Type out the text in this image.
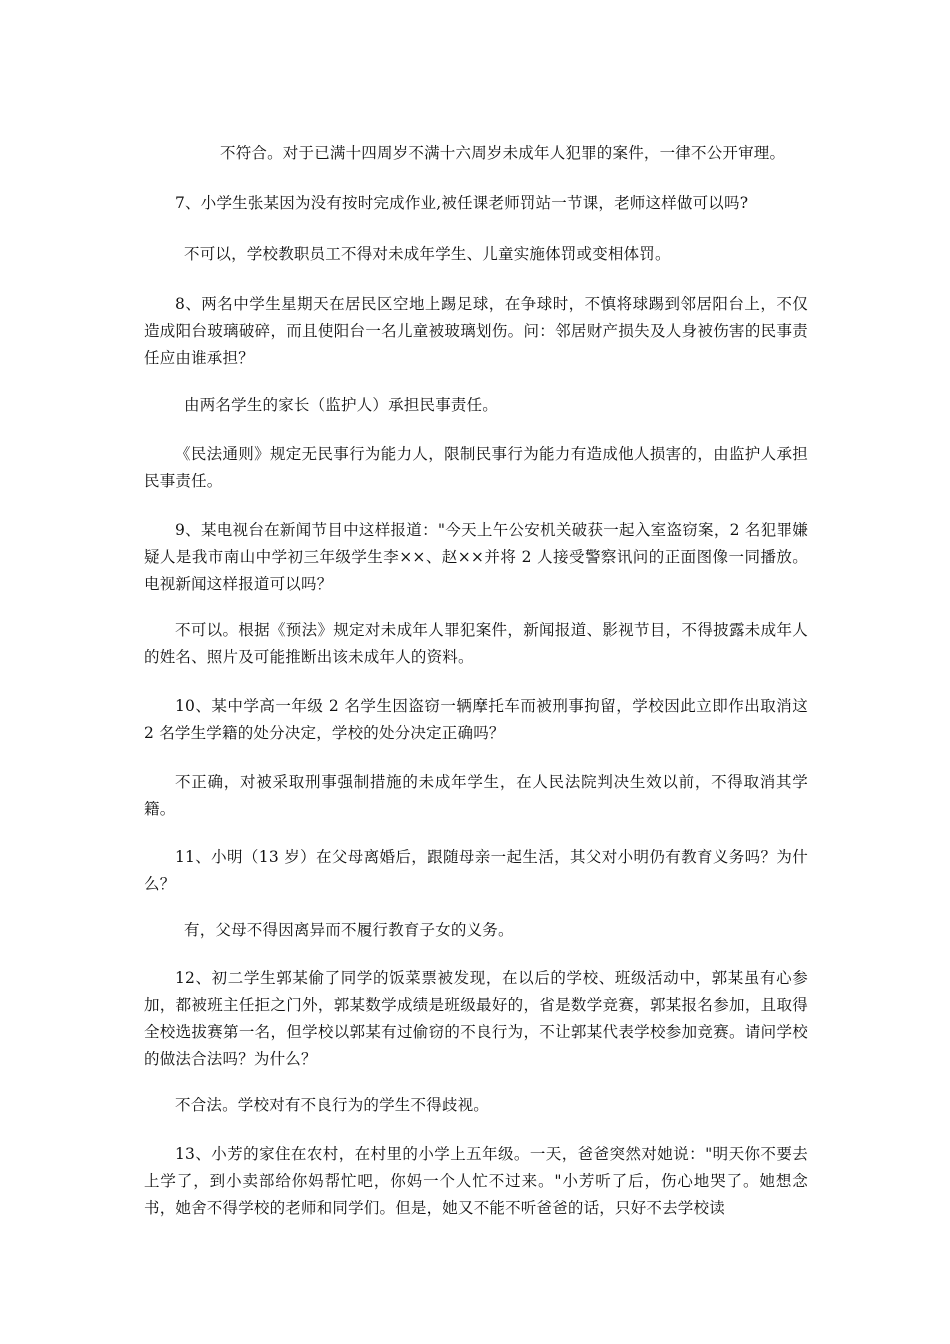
不符合。对于已满十四周岁不满十六周岁未成年人犯罪的案件，一律不公开审理。

7、小学生张某因为没有按时完成作业,被任课老师罚站一节课，老师这样做可以吗?

不可以，学校教职员工不得对未成年学生、儿童实施体罚或变相体罚。

8、两名中学生星期天在居民区空地上踢足球，在争球时，不慎将球踢到邻居阳台上，不仅造成阳台玻璃破碎，而且使阳台一名儿童被玻璃划伤。问：邻居财产损失及人身被伤害的民事责任应由谁承担？

由两名学生的家长（监护人）承担民事责任。

《民法通则》规定无民事行为能力人，限制民事行为能力有造成他人损害的，由监护人承担民事责任。

9、某电视台在新闻节目中这样报道："今天上午公安机关破获一起入室盗窃案，2 名犯罪嫌疑人是我市南山中学初三年级学生李××、赵××并将 2 人接受警察讯问的正面图像一同播放。电视新闻这样报道可以吗？

不可以。根据《预法》规定对未成年人罪犯案件，新闻报道、影视节目，不得披露未成年人的姓名、照片及可能推断出该未成年人的资料。

10、某中学高一年级 2 名学生因盗窃一辆摩托车而被刑事拘留，学校因此立即作出取消这 2 名学生学籍的处分决定，学校的处分决定正确吗？

不正确，对被采取刑事强制措施的未成年学生，在人民法院判决生效以前，不得取消其学籍。

11、小明（13 岁）在父母离婚后，跟随母亲一起生活，其父对小明仍有教育义务吗？为什么？

有，父母不得因离异而不履行教育子女的义务。

12、初二学生郭某偷了同学的饭菜票被发现，在以后的学校、班级活动中，郭某虽有心参加，都被班主任拒之门外，郭某数学成绩是班级最好的，省是数学竞赛，郭某报名参加，且取得全校选拔赛第一名，但学校以郭某有过偷窃的不良行为，不让郭某代表学校参加竞赛。请问学校的做法合法吗？为什么？

不合法。学校对有不良行为的学生不得歧视。

13、小芳的家住在农村，在村里的小学上五年级。一天，爸爸突然对她说："明天你不要去上学了，到小卖部给你妈帮忙吧，你妈一个人忙不过来。"小芳听了后，伤心地哭了。她想念书，她舍不得学校的老师和同学们。但是，她又不能不听爸爸的话，只好不去学校读
